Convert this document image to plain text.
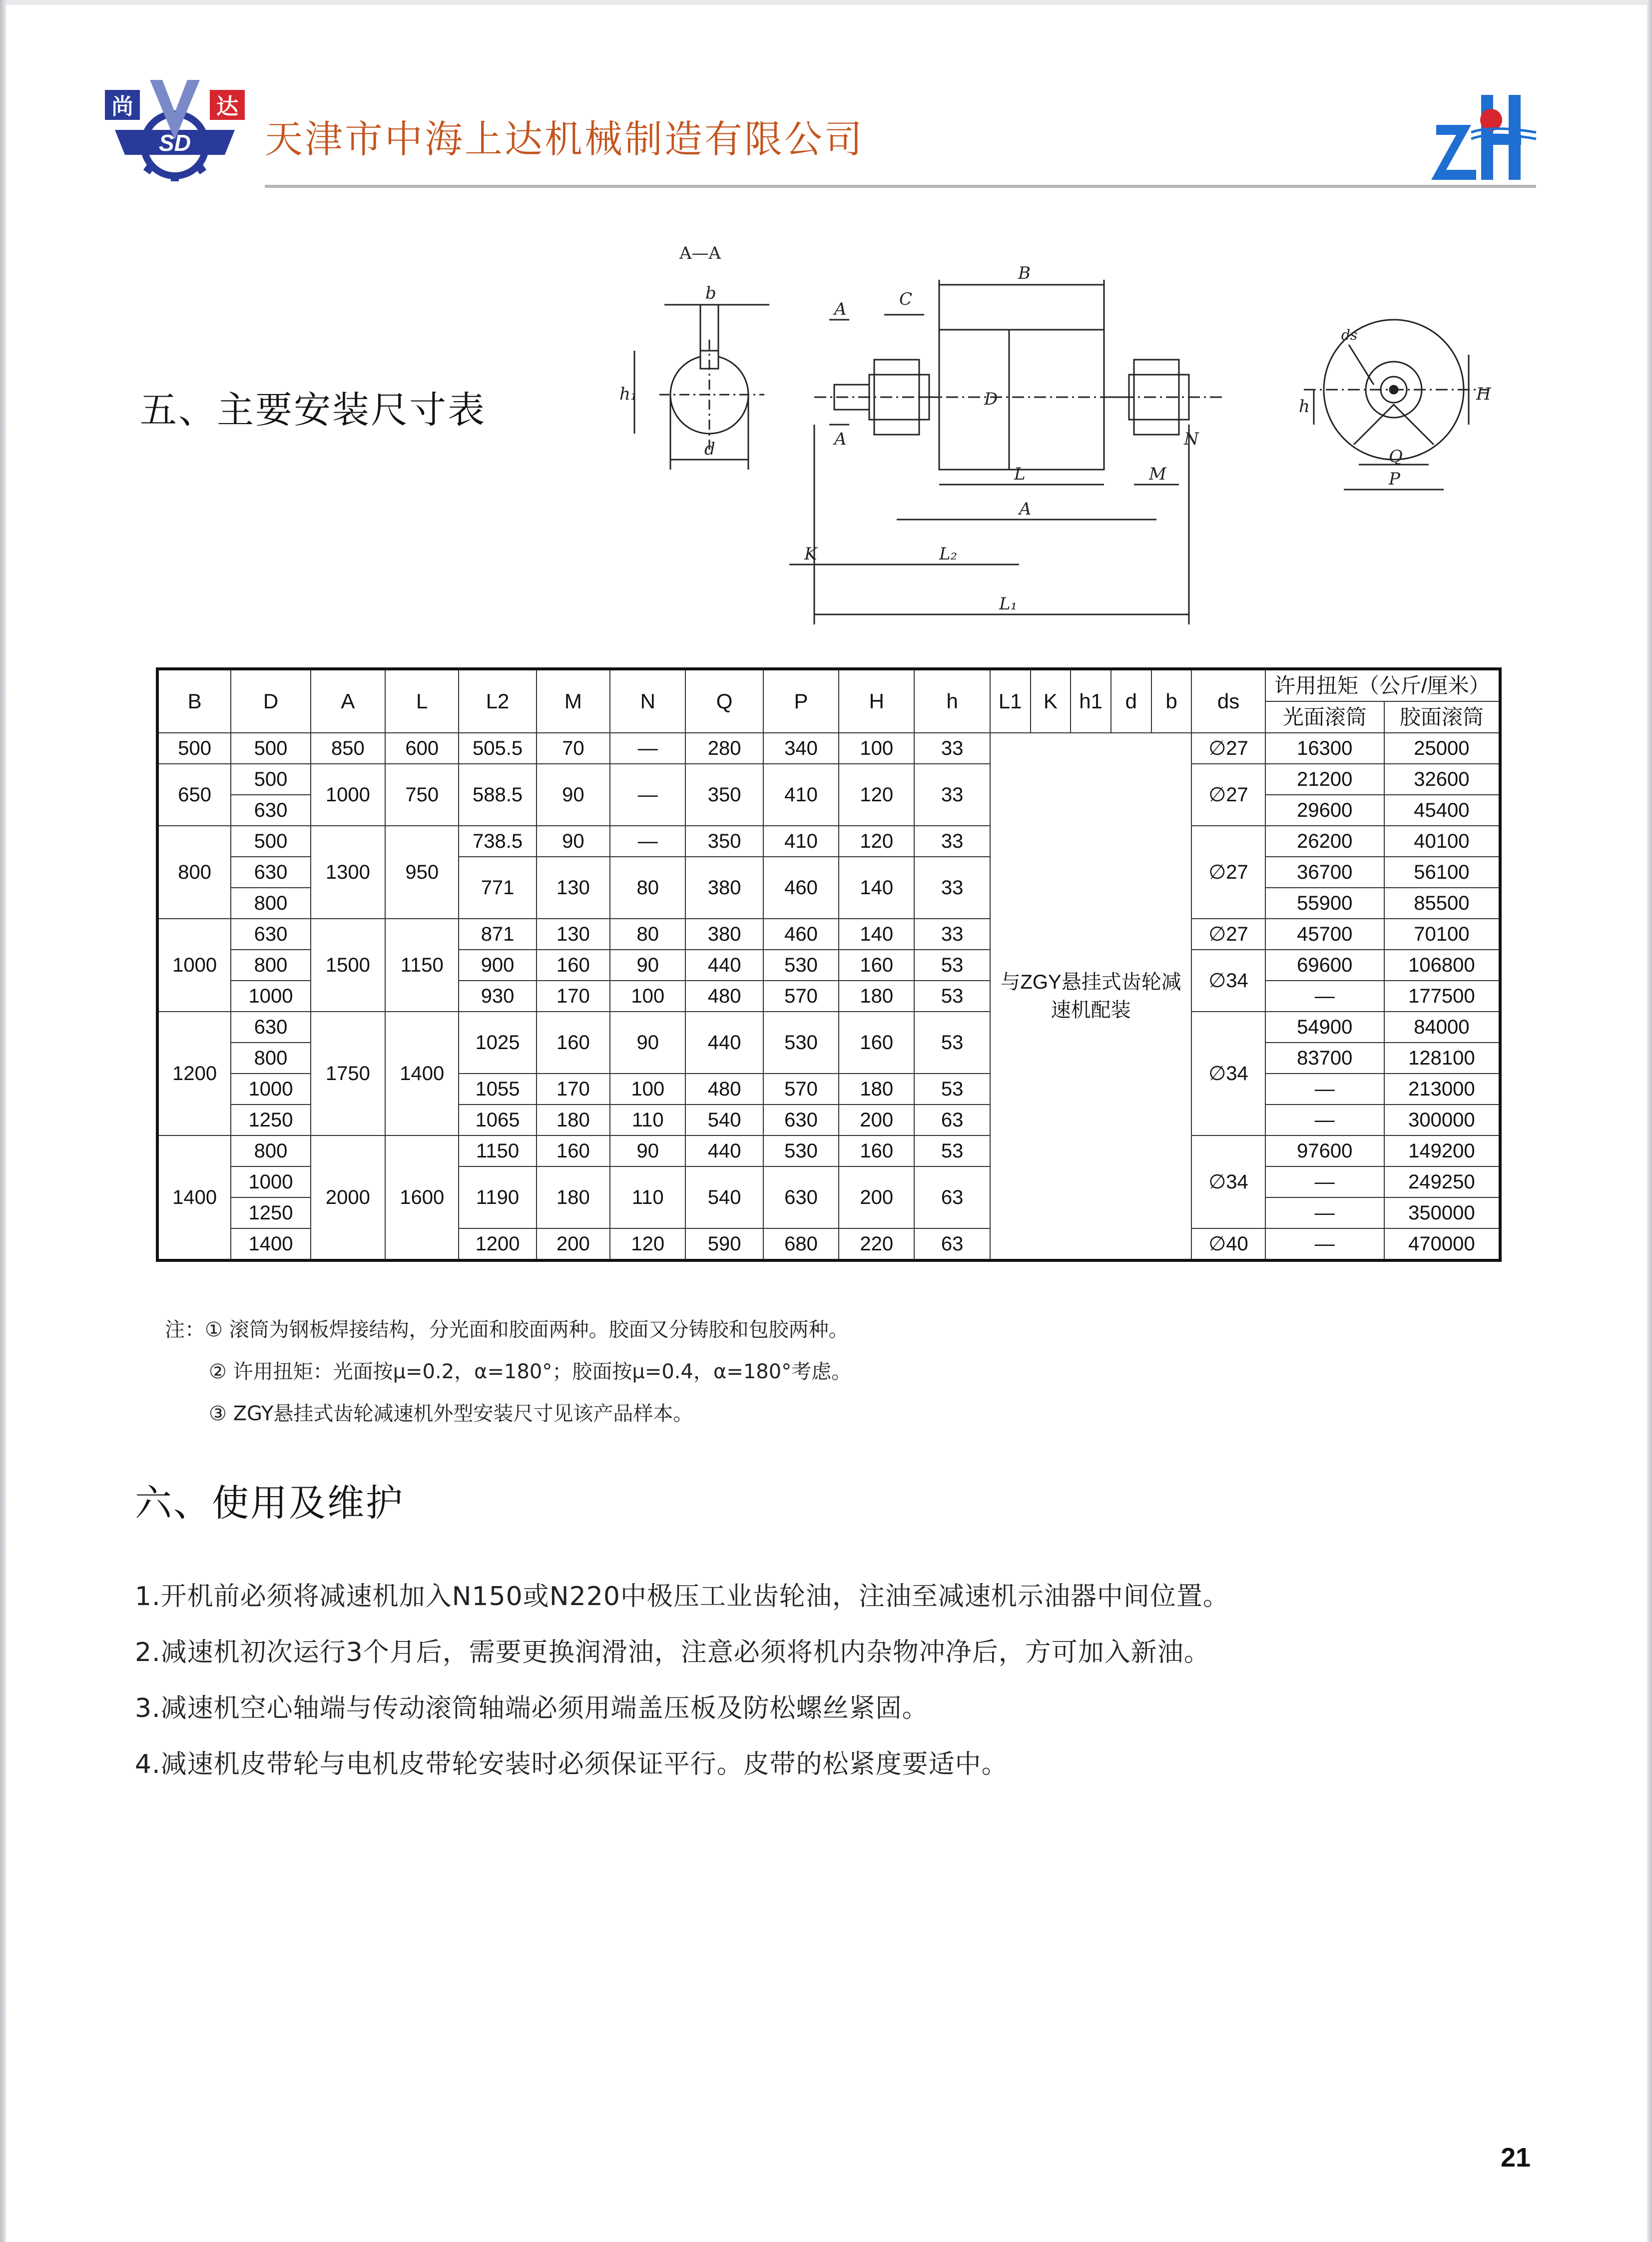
SD
尚	达
天津市中海上达机械制造有限公司
五、主要安装尺寸表
A—A
b
h₁
d
B
D
A
A
C
L	M
N
A
L₂
K
L₁
ds
h
H
Q
P
B	D	A	L	L2	M	N	Q	P	H	h	L1	K	h1	d	b	ds	许用扭矩（公斤/厘米）	
																	光面滚筒	胶面滚筒
500	500	850	600	505.5	70	—	280	340	100	33	与ZGY悬挂式齿轮减速机配装					∅27	16300	25000
650	500	1000	750	588.5	90	—	350	410	120	33						∅27	21200	32600
	630																29600	45400
800	500	1300	950	738.5	90	—	350	410	120	33						∅27	26200	40100
	630			771	130	80	380	460	140	33							36700	56100
	800																55900	85500
1000	630	1500	1150	871	130	80	380	460	140	33						∅27	45700	70100
	800			900	160	90	440	530	160	53						∅34	69600	106800
	1000			930	170	100	480	570	180	53							—	177500
1200	630	1750	1400	1025	160	90	440	530	160	53						∅34	54900	84000
	800																83700	128100
	1000			1055	170	100	480	570	180	53							—	213000
	1250			1065	180	110	540	630	200	63							—	300000
1400	800	2000	1600	1150	160	90	440	530	160	53						∅34	97600	149200
	1000			1190	180	110	540	630	200	63							—	249250
	1250																—	350000
	1400			1200	200	120	590	680	220	63						∅40	—	470000
注：① 滚筒为钢板焊接结构，分光面和胶面两种。胶面又分铸胶和包胶两种。
② 许用扭矩：光面按μ=0.2，α=180°；胶面按μ=0.4，α=180°考虑。
③ ZGY悬挂式齿轮减速机外型安装尺寸见该产品样本。
六、使用及维护
1.开机前必须将减速机加入N150或N220中极压工业齿轮油，注油至减速机示油器中间位置。
2.减速机初次运行3个月后，需要更换润滑油，注意必须将机内杂物冲净后，方可加入新油。
3.减速机空心轴端与传动滚筒轴端必须用端盖压板及防松螺丝紧固。
4.减速机皮带轮与电机皮带轮安装时必须保证平行。皮带的松紧度要适中。
21
